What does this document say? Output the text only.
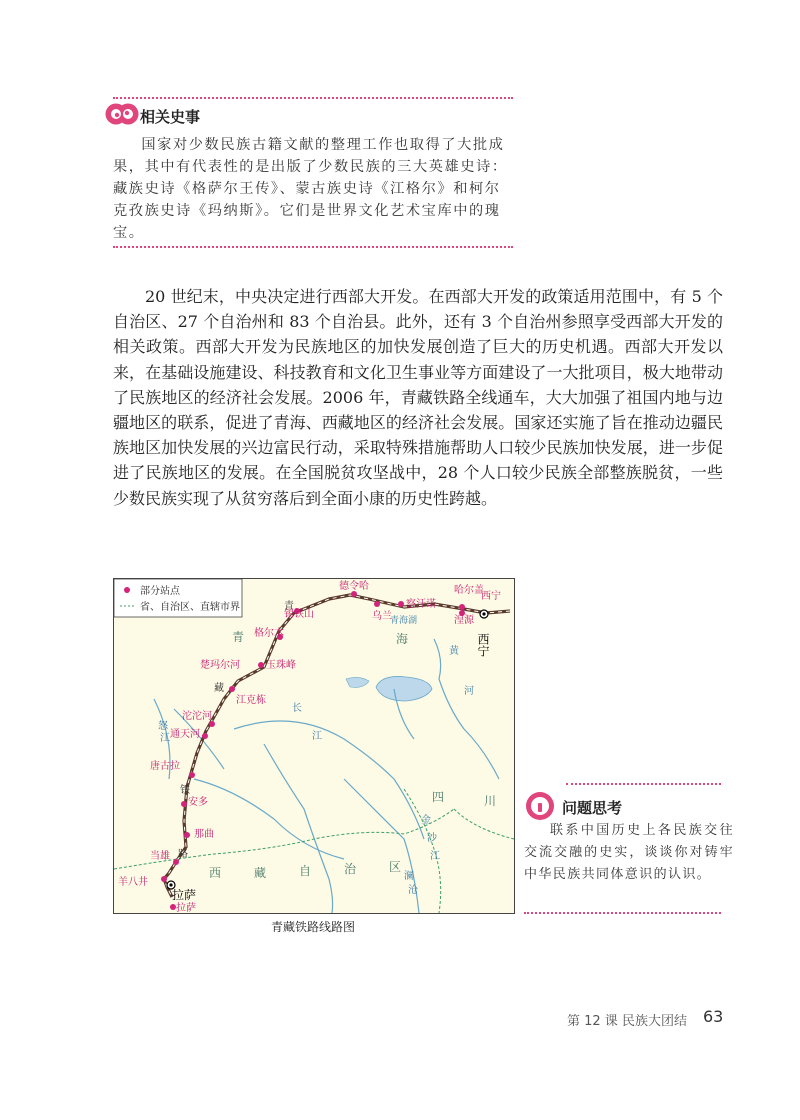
相关史事

国家对少数民族古籍文献的整理工作也取得了大批成果，其中有代表性的是出版了少数民族的三大英雄史诗：藏族史诗《格萨尔王传》、蒙古族史诗《江格尔》和柯尔克孜族史诗《玛纳斯》。它们是世界文化艺术宝库中的瑰宝。

20 世纪末，中央决定进行西部大开发。在西部大开发的政策适用范围中，有 5 个自治区、27 个自治州和 83 个自治县。此外，还有 3 个自治州参照享受西部大开发的相关政策。西部大开发为民族地区的加快发展创造了巨大的历史机遇。西部大开发以来，在基础设施建设、科技教育和文化卫生事业等方面建设了一大批项目，极大地带动了民族地区的经济社会发展。2006 年，青藏铁路全线通车，大大加强了祖国内地与边疆地区的联系，促进了青海、西藏地区的经济社会发展。国家还实施了旨在推动边疆民族地区加快发展的兴边富民行动，采取特殊措施帮助人口较少民族加快发展，进一步促进了民族地区的发展。在全国脱贫攻坚战中，28 个人口较少民族全部整族脱贫，一些少数民族实现了从贫穷落后到全面小康的历史性跨越。

部分站点
省、自治区、直辖市界
德令哈	哈尔盖
西宁
锡铁山	乌兰
察汗诺
湟源
格尔木
楚玛尔河	玉珠峰
江克栋
沱沱河
通天河
唐古拉
安多
那曲
当雄
羊八井
拉萨
西宁
拉萨
青海湖
青	海
西	藏	自	治	区
四	川
青
藏
铁
路
黄
河
长
江
怒
江
金
沙
江
澜
沧
青藏铁路线路图
问题思考

联系中国历史上各民族交往交流交融的史实，谈谈你对铸牢中华民族共同体意识的认识。

第 12 课 民族大团结 63
